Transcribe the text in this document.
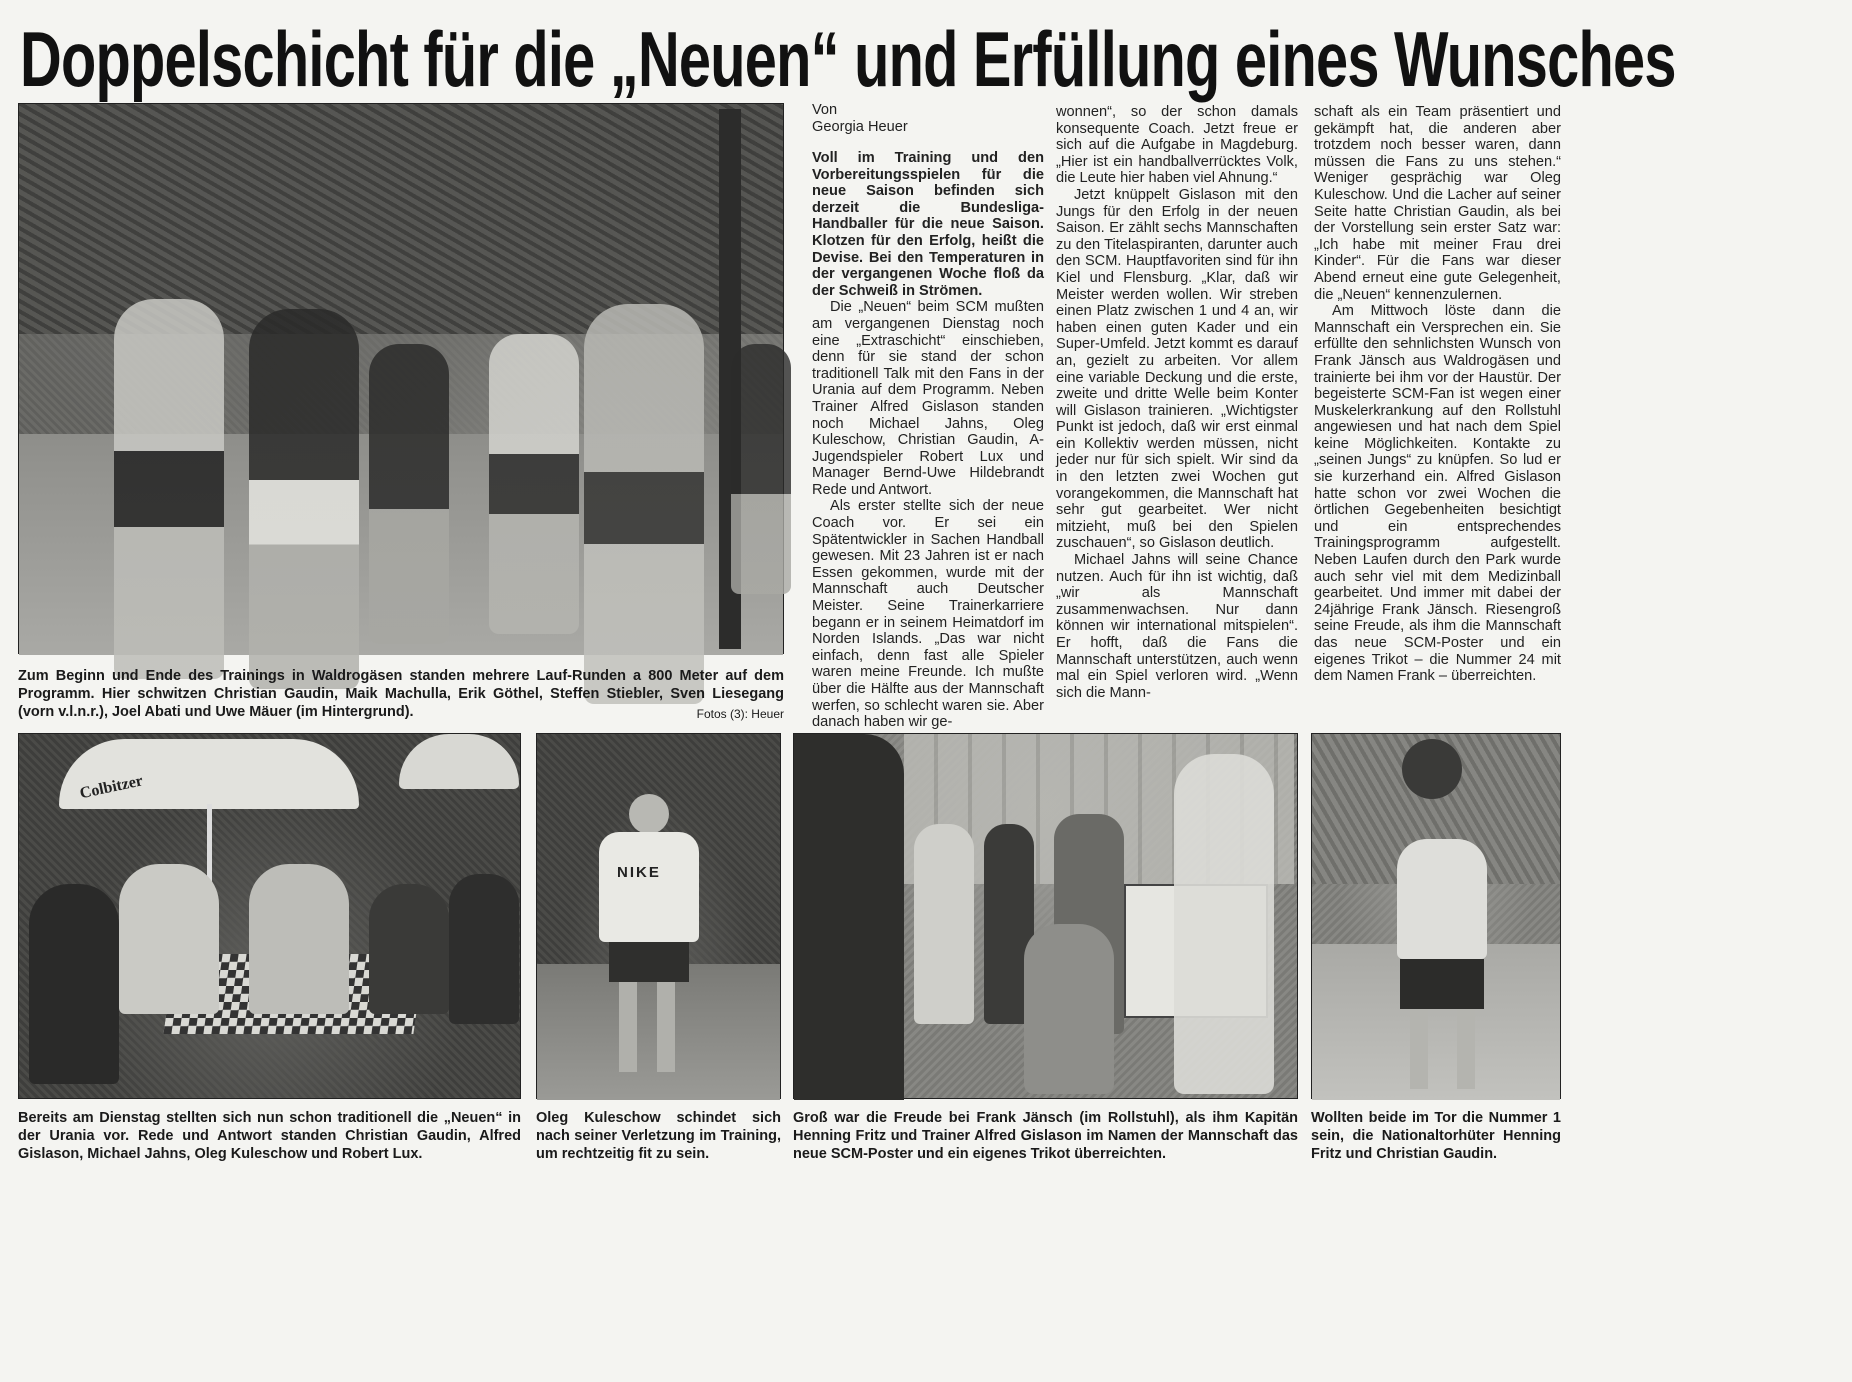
Doppelschicht für die „Neuen“ und Erfüllung eines Wunsches
Zum Beginn und Ende des Trainings in Waldrogäsen standen mehrere Lauf-Runden a 800 Meter auf dem Programm. Hier schwitzen Christian Gaudin, Maik Machulla, Erik Göthel, Steffen Stiebler, Sven Liesegang (vorn v.l.n.r.), Joel Abati und Uwe Mäuer (im Hintergrund).	Fotos (3): Heuer
Von
Georgia Heuer

Voll im Training und den Vorbereitungsspielen für die neue Saison befinden sich derzeit die Bundesliga-Handballer für die neue Saison. Klotzen für den Erfolg, heißt die Devise. Bei den Temperaturen in der vergangenen Woche floß da der Schweiß in Strömen.

Die „Neuen“ beim SCM mußten am vergangenen Dienstag noch eine „Extraschicht“ einschieben, denn für sie stand der schon traditionell Talk mit den Fans in der Urania auf dem Programm. Neben Trainer Alfred Gislason standen noch Michael Jahns, Oleg Kuleschow, Christian Gaudin, A-Jugendspieler Robert Lux und Manager Bernd-Uwe Hildebrandt Rede und Antwort.

Als erster stellte sich der neue Coach vor. Er sei ein Spätentwickler in Sachen Handball gewesen. Mit 23 Jahren ist er nach Essen gekommen, wurde mit der Mannschaft auch Deutscher Meister. Seine Trainerkarriere begann er in seinem Heimatdorf im Norden Islands. „Das war nicht einfach, denn fast alle Spieler waren meine Freunde. Ich mußte über die Hälfte aus der Mannschaft werfen, so schlecht waren sie. Aber danach haben wir ge-

wonnen“, so der schon damals konsequente Coach. Jetzt freue er sich auf die Aufgabe in Magdeburg. „Hier ist ein handballverrücktes Volk, die Leute hier haben viel Ahnung.“

Jetzt knüppelt Gislason mit den Jungs für den Erfolg in der neuen Saison. Er zählt sechs Mannschaften zu den Titelaspiranten, darunter auch den SCM. Hauptfavoriten sind für ihn Kiel und Flensburg. „Klar, daß wir Meister werden wollen. Wir streben einen Platz zwischen 1 und 4 an, wir haben einen guten Kader und ein Super-Umfeld. Jetzt kommt es darauf an, gezielt zu arbeiten. Vor allem eine variable Deckung und die erste, zweite und dritte Welle beim Konter will Gislason trainieren. „Wichtigster Punkt ist jedoch, daß wir erst einmal ein Kollektiv werden müssen, nicht jeder nur für sich spielt. Wir sind da in den letzten zwei Wochen gut vorangekommen, die Mannschaft hat sehr gut gearbeitet. Wer nicht mitzieht, muß bei den Spielen zuschauen“, so Gislason deutlich.

Michael Jahns will seine Chance nutzen. Auch für ihn ist wichtig, daß „wir als Mannschaft zusammenwachsen. Nur dann können wir international mitspielen“. Er hofft, daß die Fans die Mannschaft unterstützen, auch wenn mal ein Spiel verloren wird. „Wenn sich die Mann-

schaft als ein Team präsentiert und gekämpft hat, die anderen aber trotzdem noch besser waren, dann müssen die Fans zu uns stehen.“ Weniger gesprächig war Oleg Kuleschow. Und die Lacher auf seiner Seite hatte Christian Gaudin, als bei der Vorstellung sein erster Satz war: „Ich habe mit meiner Frau drei Kinder“. Für die Fans war dieser Abend erneut eine gute Gelegenheit, die „Neuen“ kennenzulernen.

Am Mittwoch löste dann die Mannschaft ein Versprechen ein. Sie erfüllte den sehnlichsten Wunsch von Frank Jänsch aus Waldrogäsen und trainierte bei ihm vor der Haustür. Der begeisterte SCM-Fan ist wegen einer Muskelerkrankung auf den Rollstuhl angewiesen und hat nach dem Spiel keine Möglichkeiten. Kontakte zu „seinen Jungs“ zu knüpfen. So lud er sie kurzerhand ein. Alfred Gislason hatte schon vor zwei Wochen die örtlichen Gegebenheiten besichtigt und ein entsprechendes Trainingsprogramm aufgestellt. Neben Laufen durch den Park wurde auch sehr viel mit dem Medizinball gearbeitet. Und immer mit dabei der 24jährige Frank Jänsch. Riesengroß seine Freude, als ihm die Mannschaft das neue SCM-Poster und ein eigenes Trikot – die Nummer 24 mit dem Namen Frank – überreichten.

Colbitzer
Bereits am Dienstag stellten sich nun schon traditionell die „Neuen“ in der Urania vor. Rede und Antwort standen Christian Gaudin, Alfred Gislason, Michael Jahns, Oleg Kuleschow und Robert Lux.
NIKE
Oleg Kuleschow schindet sich nach seiner Verletzung im Training, um rechtzeitig fit zu sein.
Groß war die Freude bei Frank Jänsch (im Rollstuhl), als ihm Kapitän Henning Fritz und Trainer Alfred Gislason im Namen der Mannschaft das neue SCM-Poster und ein eigenes Trikot überreichten.
Wollten beide im Tor die Nummer 1 sein, die Nationaltorhüter Henning Fritz und Christian Gaudin.
